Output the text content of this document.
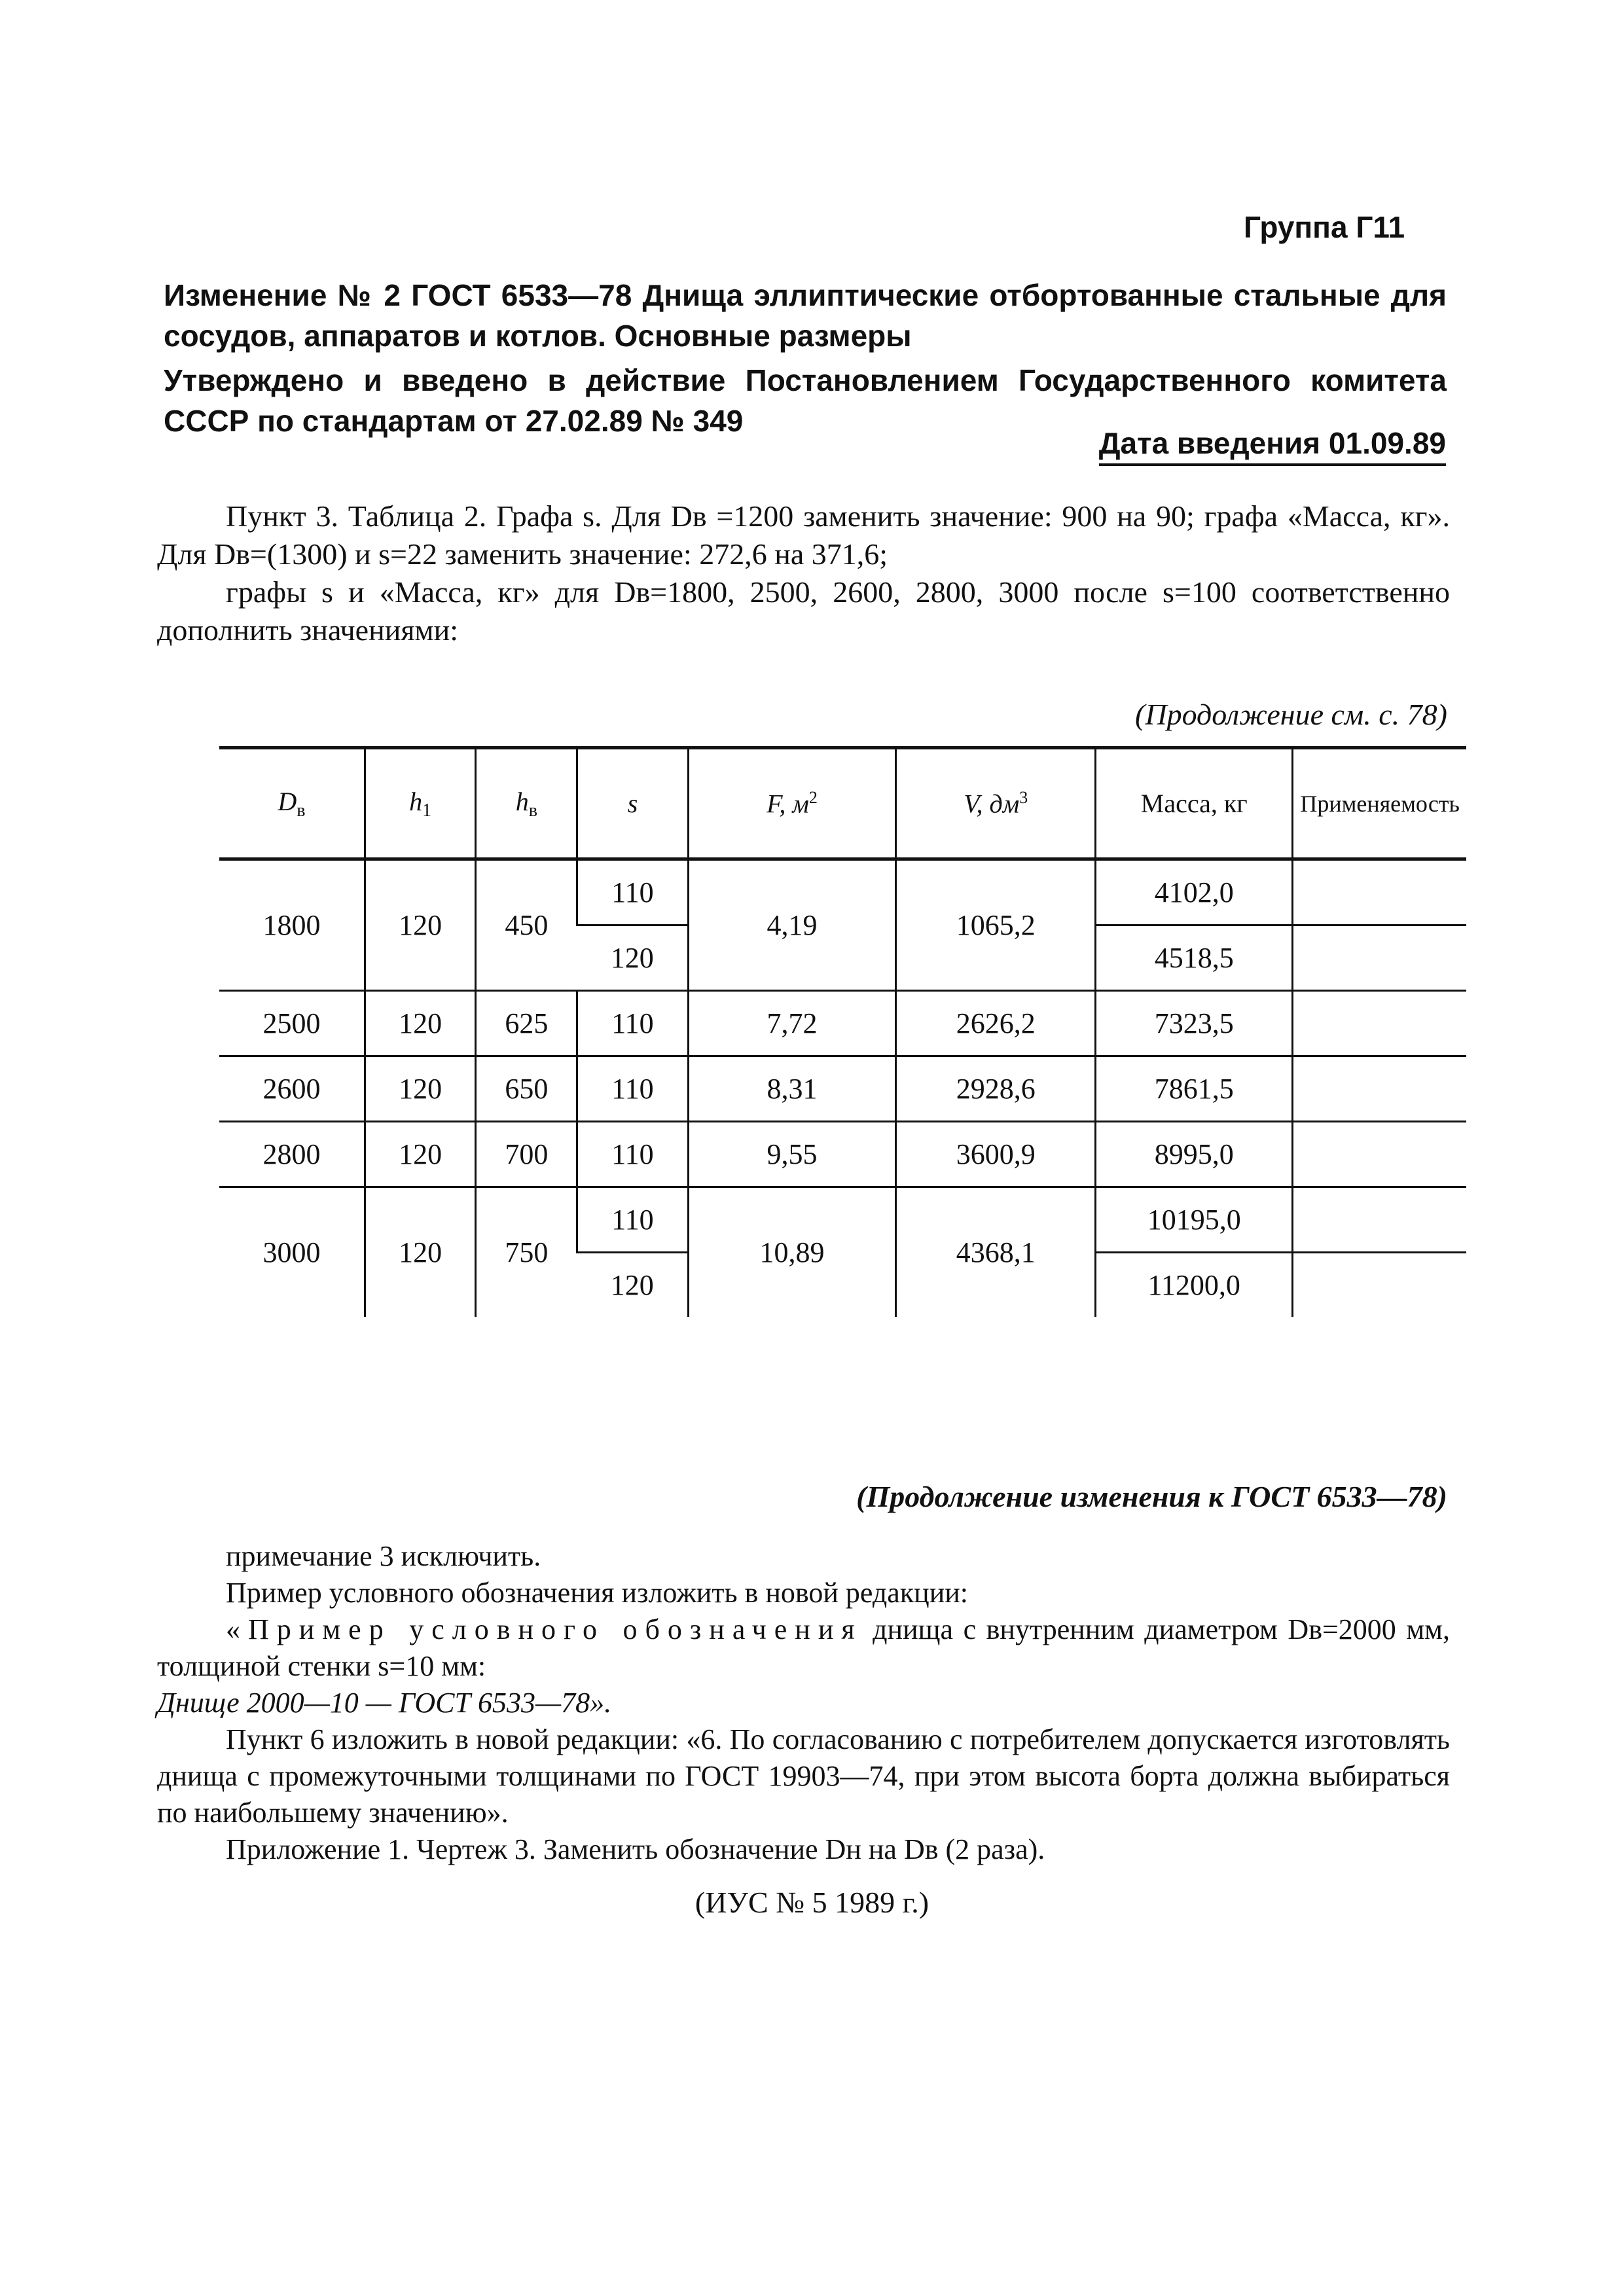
Группа Г11
Изменение № 2 ГОСТ 6533—78 Днища эллиптические отбортованные стальные для сосудов, аппаратов и котлов. Основные размеры
Утверждено и введено в действие Постановлением Государственного комитета СССР по стандартам от 27.02.89 № 349
Дата введения 01.09.89
Пункт 3. Таблица 2. Графа s. Для Dв =1200 заменить значение: 900 на 90; графа «Масса, кг». Для Dв=(1300) и s=22 заменить значение: 272,6 на 371,6;
графы s и «Масса, кг» для Dв=1800, 2500, 2600, 2800, 3000 после s=100 соответственно дополнить значениями:
(Продолжение см. с. 78)
$D_в$	$h_1$	$h_в$	s	F, $м^2$	V, $дм^3$	Масса, кг	Применяемость
1800	120	450	110	4,19	1065,2	4102,0	
			120			4518,5	
2500	120	625	110	7,72	2626,2	7323,5	
2600	120	650	110	8,31	2928,6	7861,5	
2800	120	700	110	9,55	3600,9	8995,0	
3000	120	750	110	10,89	4368,1	10195,0	
			120			11200,0	
(Продолжение изменения к ГОСТ 6533—78)
примечание 3 исключить.
Пример условного обозначения изложить в новой редакции:
«Пример условного обозначения днища с внутренним диаметром Dв=2000 мм, толщиной стенки s=10 мм:
Днище 2000—10 — ГОСТ 6533—78».
Пункт 6 изложить в новой редакции: «6. По согласованию с потребителем допускается изготовлять днища с промежуточными толщинами по ГОСТ 19903—74, при этом высота борта должна выбираться по наибольшему значению».
Приложение 1. Чертеж 3. Заменить обозначение Dн на Dв (2 раза).
(ИУС № 5 1989 г.)
